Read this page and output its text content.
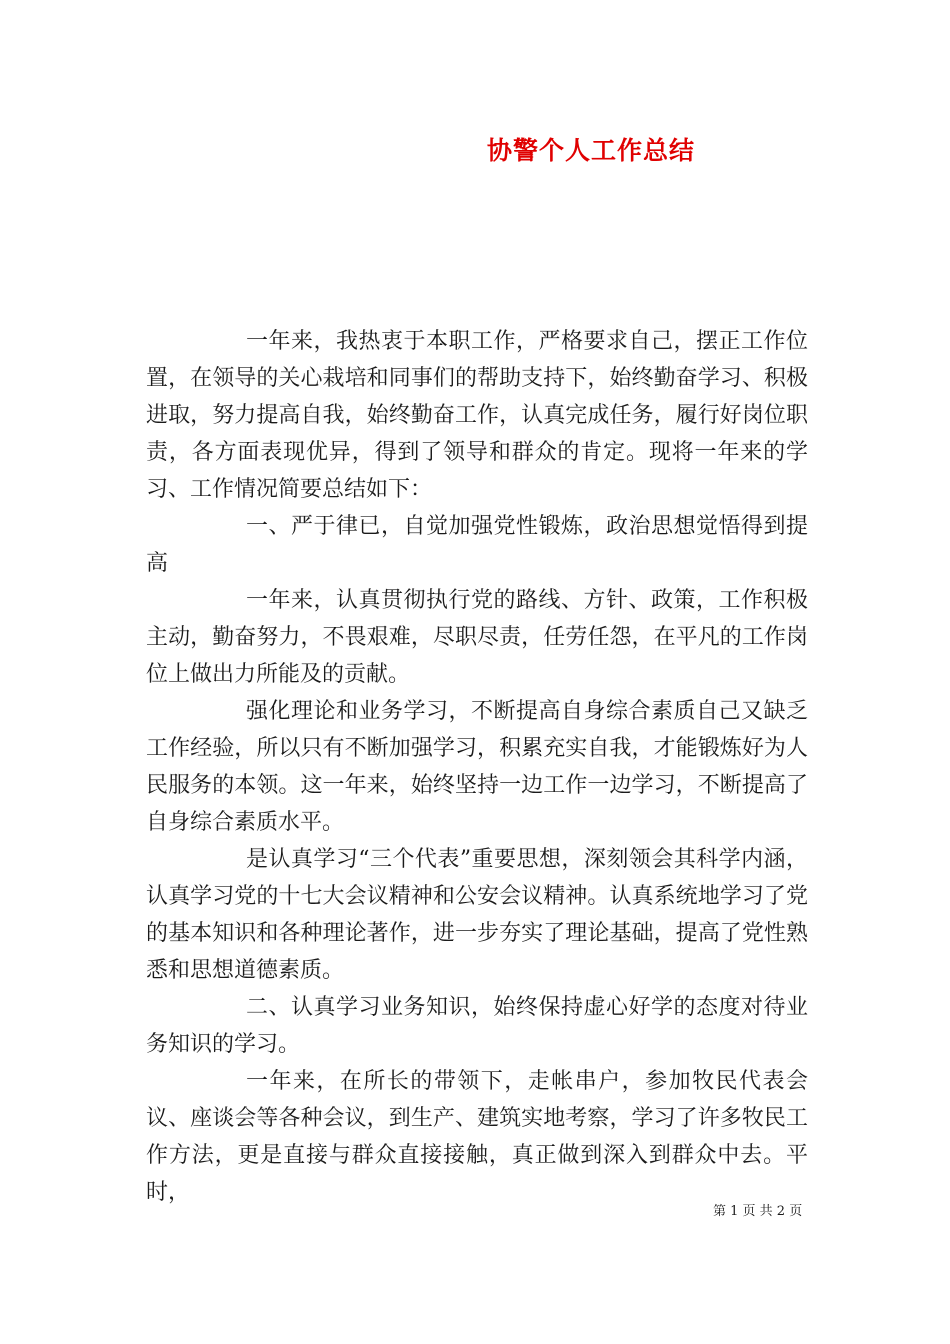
协警个人工作总结

一年来，我热衷于本职工作，严格要求自己，摆正工作位置，在领导的关心栽培和同事们的帮助支持下，始终勤奋学习、积极进取，努力提高自我，始终勤奋工作，认真完成任务，履行好岗位职责，各方面表现优异，得到了领导和群众的肯定。现将一年来的学习、工作情况简要总结如下：

一、严于律已，自觉加强党性锻炼，政治思想觉悟得到提高

一年来，认真贯彻执行党的路线、方针、政策，工作积极主动，勤奋努力，不畏艰难，尽职尽责，任劳任怨，在平凡的工作岗位上做出力所能及的贡献。

强化理论和业务学习，不断提高自身综合素质自己又缺乏工作经验，所以只有不断加强学习，积累充实自我，才能锻炼好为人民服务的本领。这一年来，始终坚持一边工作一边学习，不断提高了自身综合素质水平。

是认真学习“三个代表”重要思想，深刻领会其科学内涵，认真学习党的十七大会议精神和公安会议精神。认真系统地学习了党的基本知识和各种理论著作，进一步夯实了理论基础，提高了党性熟悉和思想道德素质。

二、认真学习业务知识，始终保持虚心好学的态度对待业务知识的学习。

一年来，在所长的带领下，走帐串户，参加牧民代表会议、座谈会等各种会议，到生产、建筑实地考察，学习了许多牧民工作方法，更是直接与群众直接接触，真正做到深入到群众中去。平时，

第 1 页 共 2 页
